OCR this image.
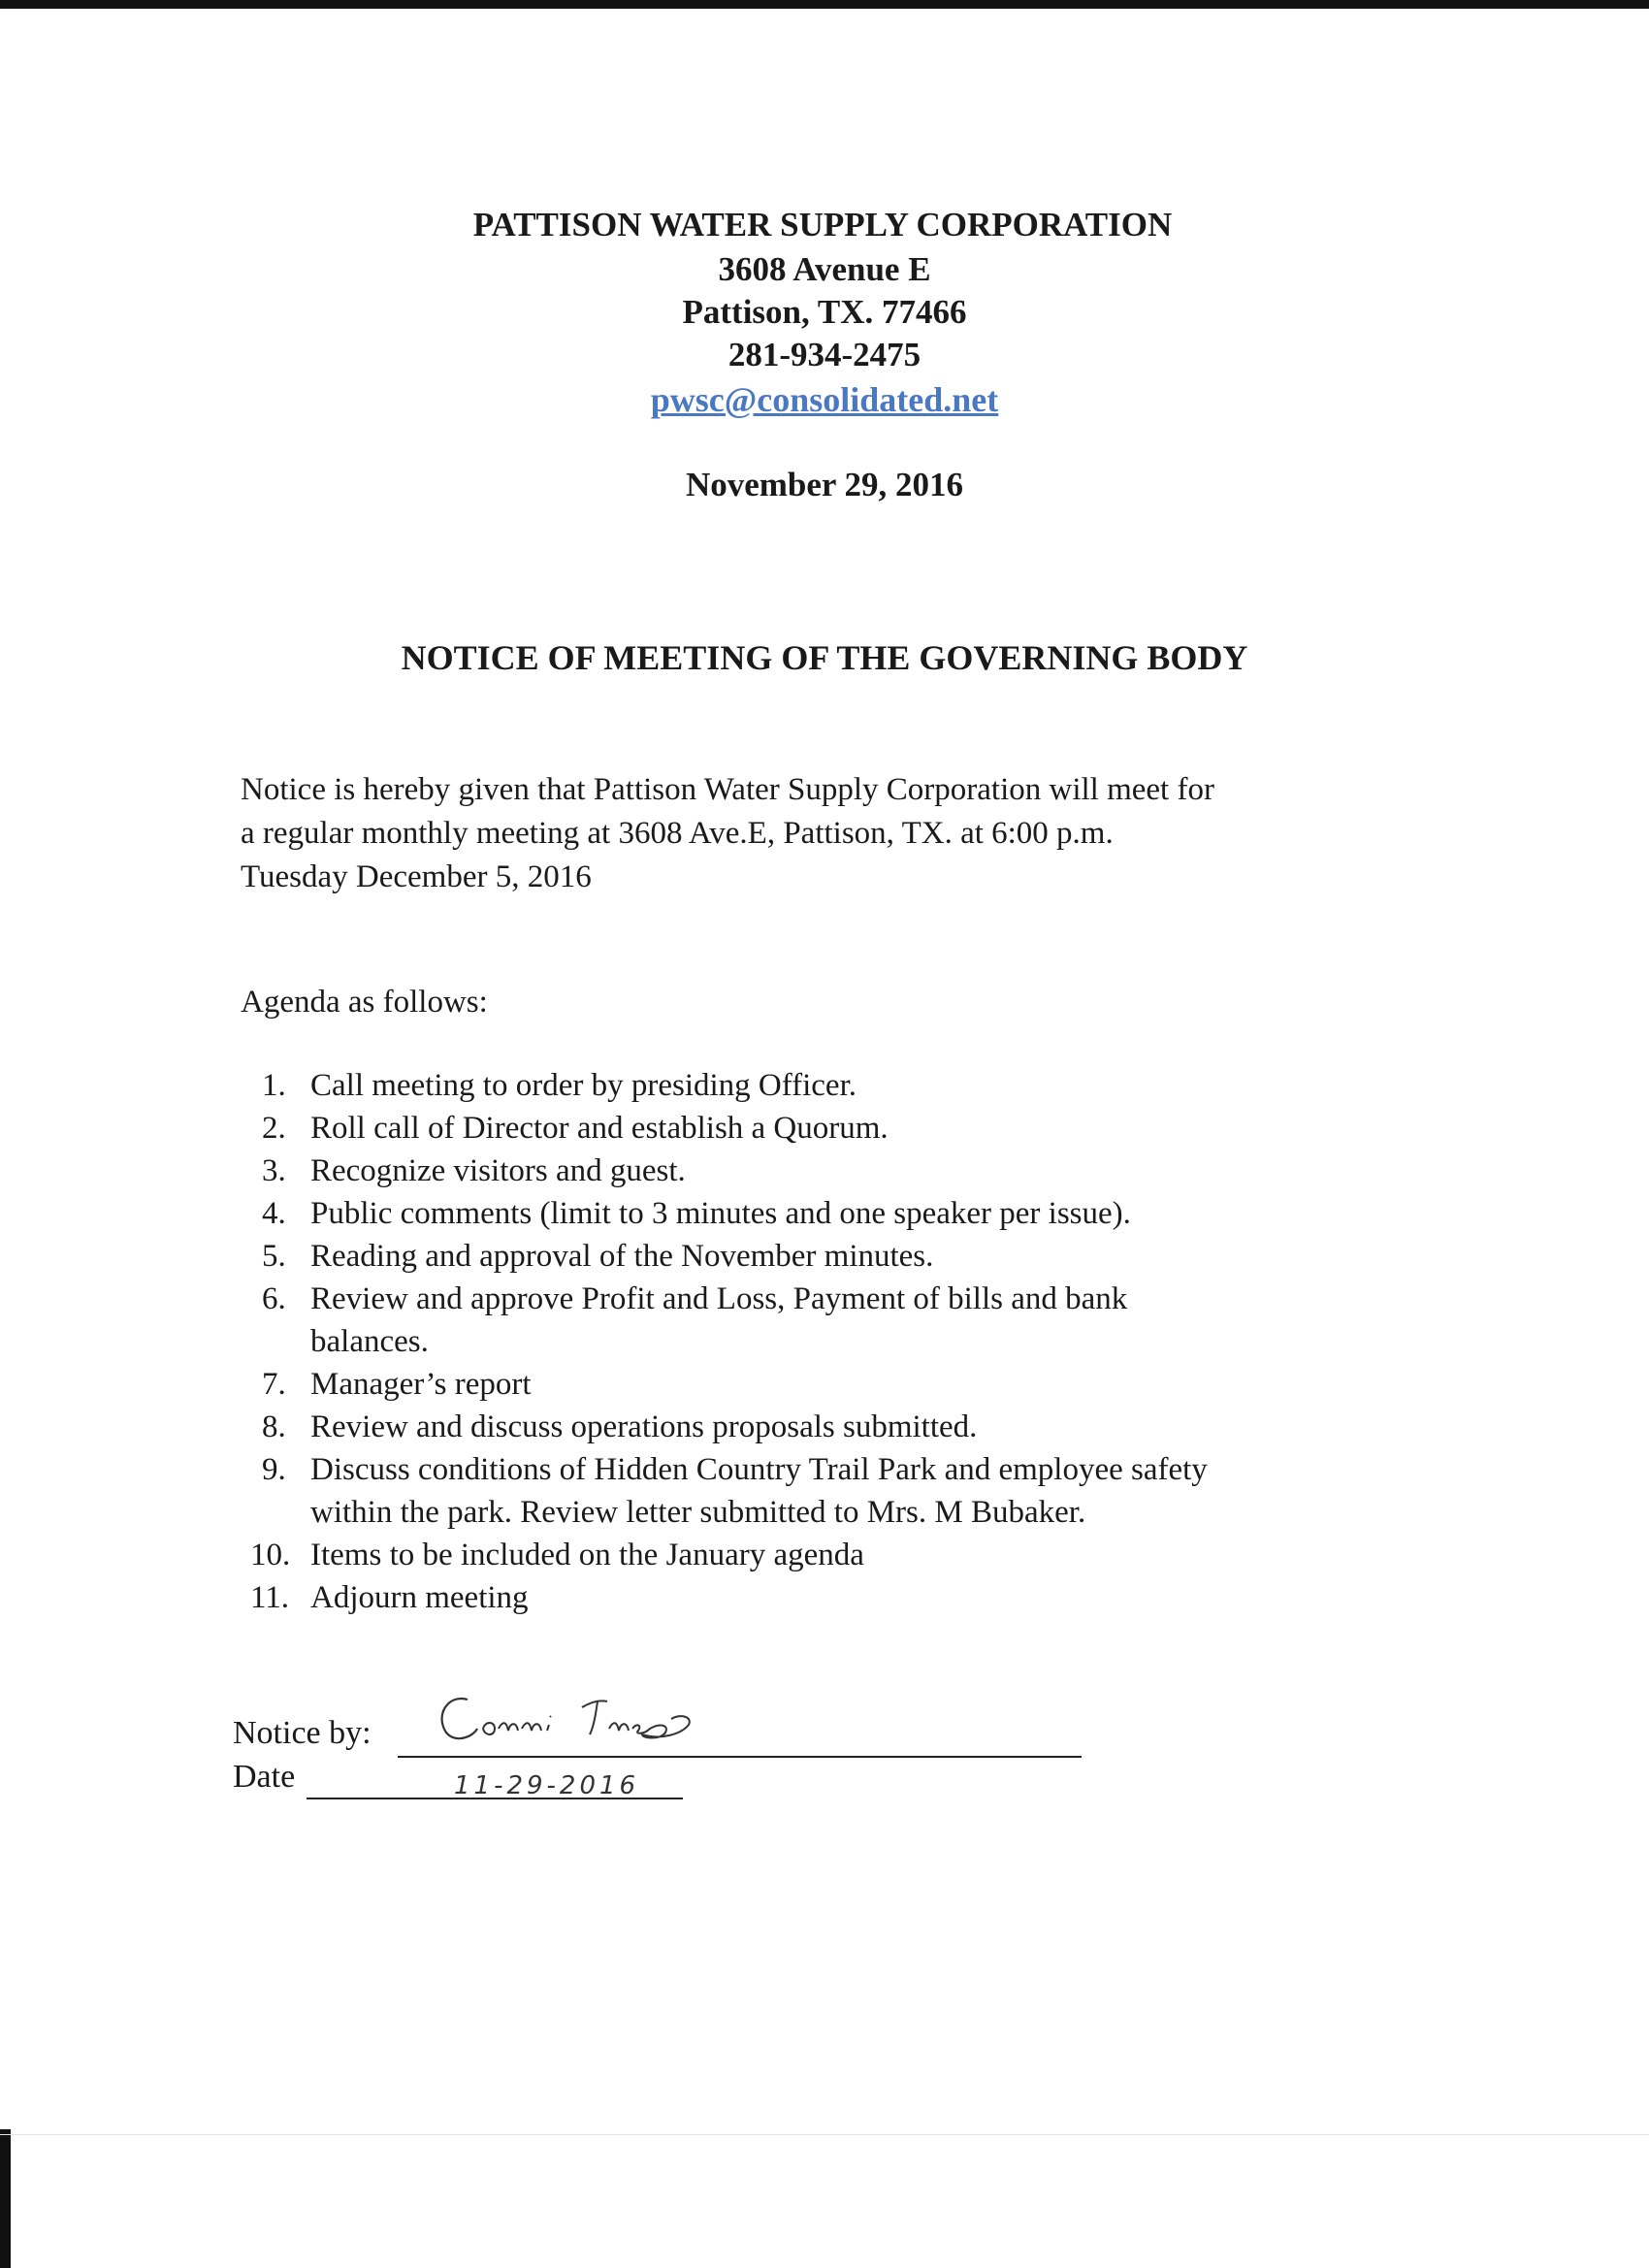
PATTISON WATER SUPPLY CORPORATION
3608 Avenue E
Pattison, TX. 77466
281-934-2475
pwsc@consolidated.net
November 29, 2016
NOTICE OF MEETING OF THE GOVERNING BODY
Notice is hereby given that Pattison Water Supply Corporation will meet for
a regular monthly meeting at 3608 Ave.E, Pattison, TX. at 6:00 p.m.
Tuesday December 5, 2016
Agenda as follows:
1. Call meeting to order by presiding Officer.
2. Roll call of Director and establish a Quorum.
3. Recognize visitors and guest.
4. Public comments (limit to 3 minutes and one speaker per issue).
5. Reading and approval of the November minutes.
6. Review and approve Profit and Loss, Payment of bills and bank
balances.
7. Manager’s report
8. Review and discuss operations proposals submitted.
9. Discuss conditions of Hidden Country Trail Park and employee safety
within the park. Review letter submitted to Mrs. M Bubaker.
10. Items to be included on the January agenda
11. Adjourn meeting
Notice by:
Date	11-29-2016
